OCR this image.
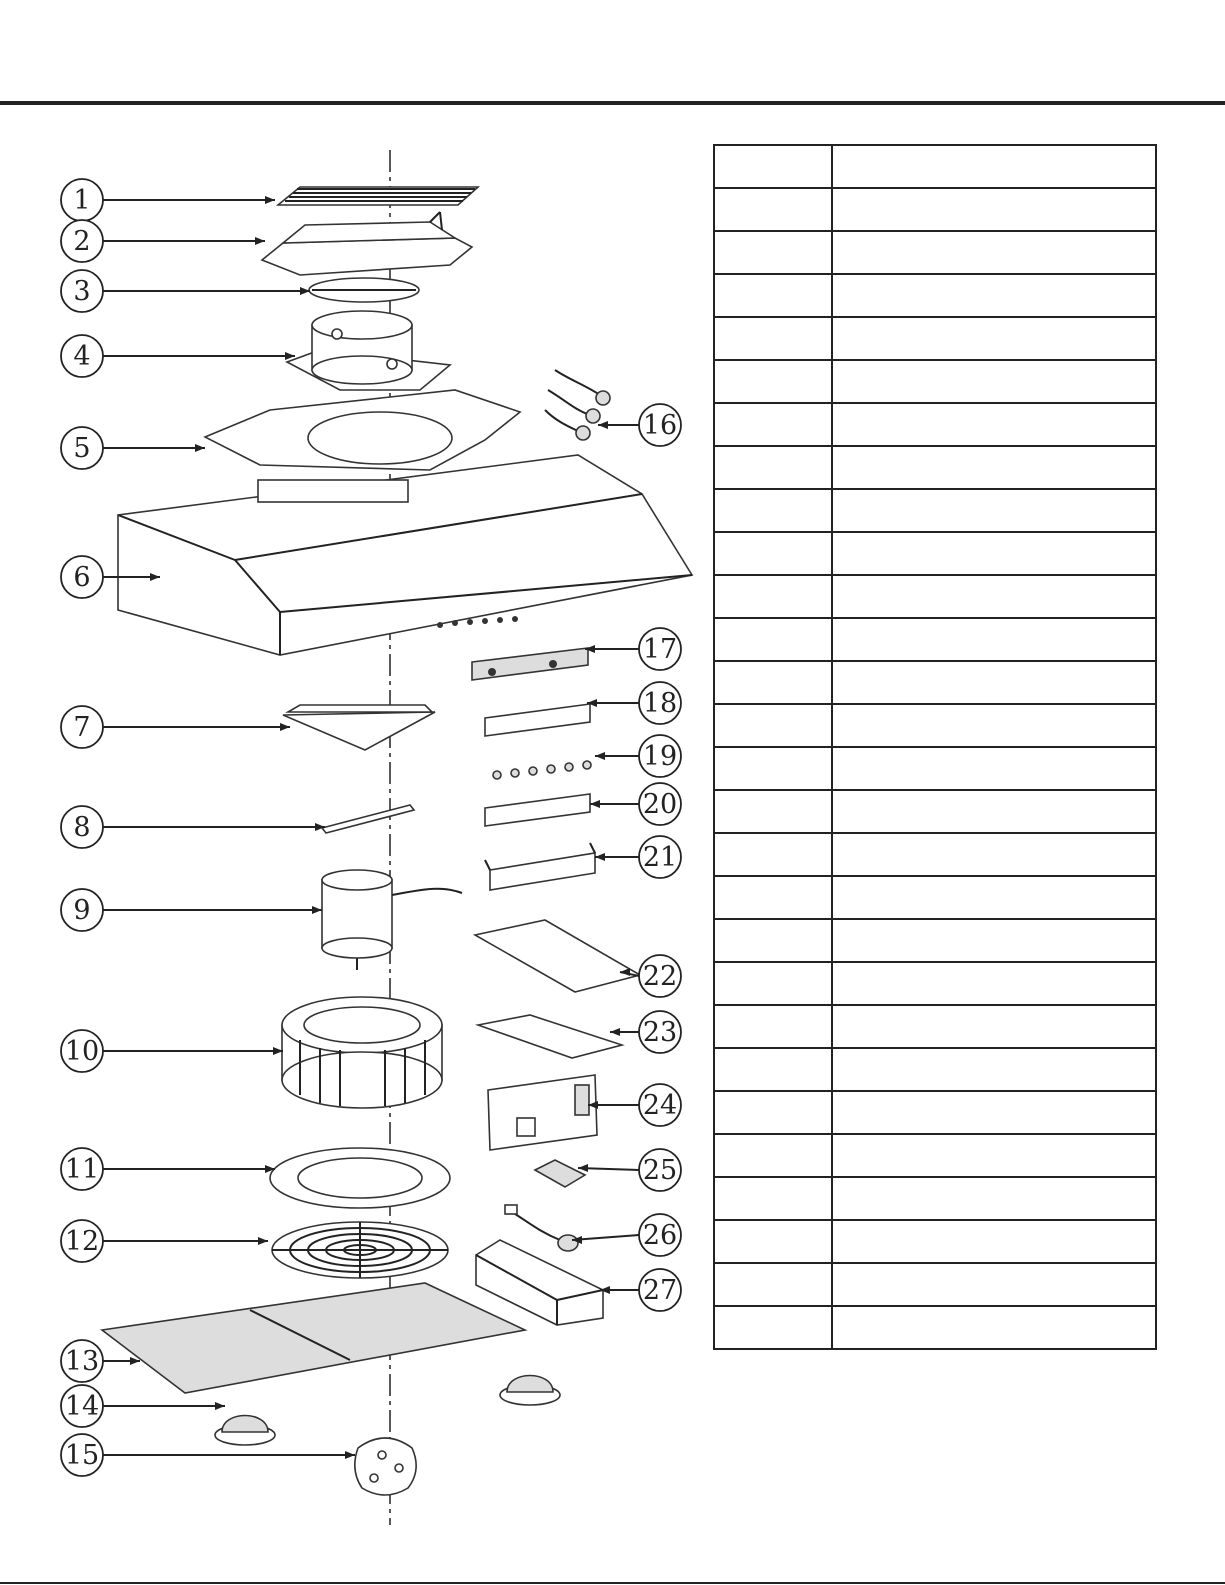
1
2
3
4
5
6
7
8
9
10
11
12
13
14
15
16
17
18
19
20
21
22
23
24
25
26
27
